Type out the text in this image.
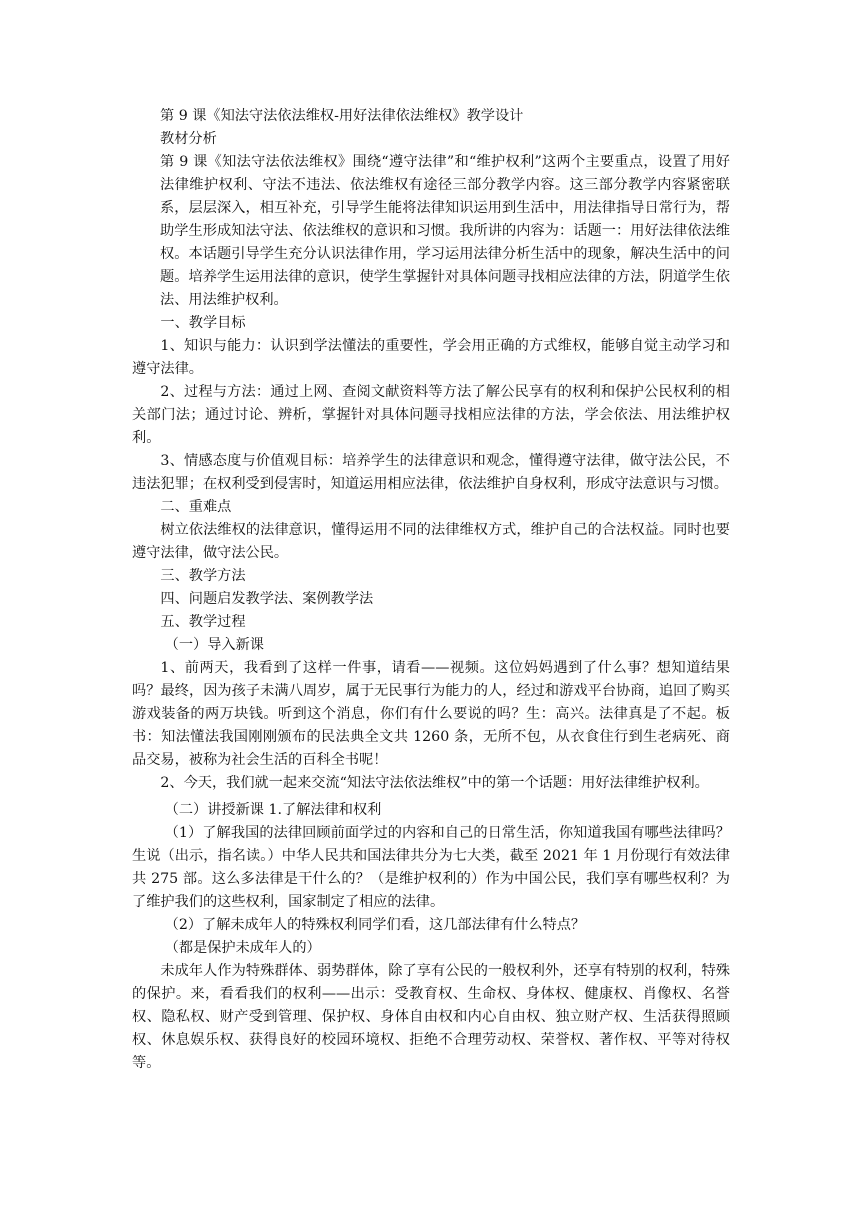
第 9 课《知法守法依法维权-用好法律依法维权》教学设计

教材分析

第 9 课《知法守法依法维权》围绕“遵守法律”和“维护权利”这两个主要重点，设置了用好法律维护权利、守法不违法、依法维权有途径三部分教学内容。这三部分教学内容紧密联系，层层深入，相互补充，引导学生能将法律知识运用到生活中，用法律指导日常行为，帮助学生形成知法守法、依法维权的意识和习惯。我所讲的内容为：话题一：用好法律依法维权。本话题引导学生充分认识法律作用，学习运用法律分析生活中的现象，解决生活中的问题。培养学生运用法律的意识，使学生掌握针对具体问题寻找相应法律的方法，阴道学生依法、用法维护权利。

一、教学目标

1、知识与能力：认识到学法懂法的重要性，学会用正确的方式维权，能够自觉主动学习和遵守法律。

2、过程与方法：通过上网、查阅文献资料等方法了解公民享有的权利和保护公民权利的相关部门法；通过讨论、辨析，掌握针对具体问题寻找相应法律的方法，学会依法、用法维护权利。

3、情感态度与价值观目标：培养学生的法律意识和观念，懂得遵守法律，做守法公民，不违法犯罪；在权利受到侵害时，知道运用相应法律，依法维护自身权利，形成守法意识与习惯。

二、重难点

树立依法维权的法律意识，懂得运用不同的法律维权方式，维护自己的合法权益。同时也要遵守法律，做守法公民。

三、教学方法

四、问题启发教学法、案例教学法

五、教学过程

（一）导入新课

1、前两天，我看到了这样一件事，请看——视频。这位妈妈遇到了什么事？想知道结果吗？最终，因为孩子未满八周岁，属于无民事行为能力的人，经过和游戏平台协商，追回了购买游戏装备的两万块钱。听到这个消息，你们有什么要说的吗？生：高兴。法律真是了不起。板书：知法懂法我国刚刚颁布的民法典全文共 1260 条，无所不包，从衣食住行到生老病死、商品交易，被称为社会生活的百科全书呢！

2、今天，我们就一起来交流“知法守法依法维权”中的第一个话题：用好法律维护权利。

（二）讲授新课 1.了解法律和权利

（1）了解我国的法律回顾前面学过的内容和自己的日常生活，你知道我国有哪些法律吗？生说（出示，指名读。）中华人民共和国法律共分为七大类，截至 2021 年 1 月份现行有效法律共 275 部。这么多法律是干什么的？（是维护权利的）作为中国公民，我们享有哪些权利？为了维护我们的这些权利，国家制定了相应的法律。

（2）了解未成年人的特殊权利同学们看，这几部法律有什么特点？

（都是保护未成年人的）

未成年人作为特殊群体、弱势群体，除了享有公民的一般权利外，还享有特别的权利，特殊的保护。来，看看我们的权利——出示：受教育权、生命权、身体权、健康权、肖像权、名誉权、隐私权、财产受到管理、保护权、身体自由权和内心自由权、独立财产权、生活获得照顾权、休息娱乐权、获得良好的校园环境权、拒绝不合理劳动权、荣誉权、著作权、平等对待权等。
